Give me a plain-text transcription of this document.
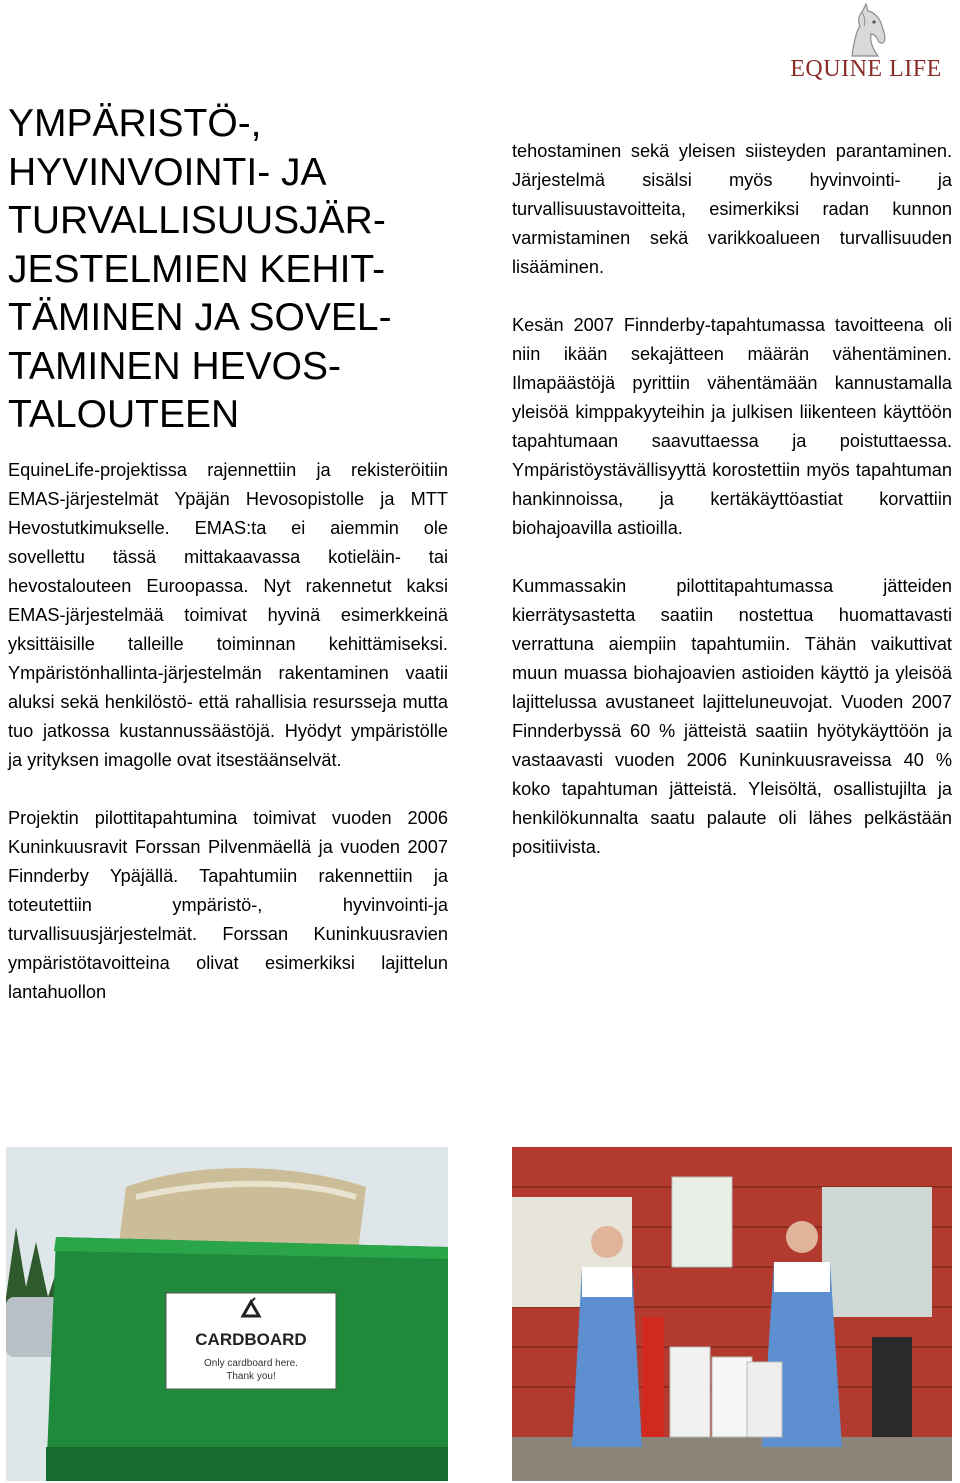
EQUINE LIFE
YMPÄRISTÖ-,
HYVINVOINTI- JA
TURVALLISUUSJÄR-
JESTELMIEN KEHIT-
TÄMINEN JA SOVEL-
TAMINEN HEVOS-
TALOUTEEN

EquineLife-projektissa rajennettiin ja rekisteröitiin EMAS-järjestelmät Ypäjän Hevosopistolle ja MTT Hevostutkimukselle. EMAS:ta ei aiemmin ole sovellettu tässä mittakaavassa kotieläin- tai hevostalouteen Euroopassa. Nyt rakennetut kaksi EMAS-järjestelmää toimivat hyvinä esimerkkeinä yksittäisille talleille toiminnan kehittämiseksi. Ympäristönhallinta-järjestelmän rakentaminen vaatii aluksi sekä henkilöstö- että rahallisia resursseja mutta tuo jatkossa kustannussäästöjä. Hyödyt ympäristölle ja yrityksen imagolle ovat itsestäänselvät.

Projektin pilottitapahtumina toimivat vuoden 2006 Kuninkuusravit Forssan Pilvenmäellä ja vuoden 2007 Finnderby Ypäjällä. Tapahtumiin rakennettiin ja toteutettiin ympäristö-, hyvinvointi-ja turvallisuusjärjestelmät. Forssan Kuninkuusravien ympäristötavoitteina olivat esimerkiksi lajittelun lantahuollon

tehostaminen sekä yleisen siisteyden parantaminen. Järjestelmä sisälsi myös hyvinvointi- ja turvallisuustavoitteita, esimerkiksi radan kunnon varmistaminen sekä varikkoalueen turvallisuuden lisääminen.

Kesän 2007 Finnderby-tapahtumassa tavoitteena oli niin ikään sekajätteen määrän vähentäminen. Ilmapäästöjä pyrittiin vähentämään kannustamalla yleisöä kimppakyyteihin ja julkisen liikenteen käyttöön tapahtumaan saavuttaessa ja poistuttaessa. Ympäristöystävällisyyttä korostettiin myös tapahtuman hankinnoissa, ja kertäkäyttöastiat korvattiin biohajoavilla astioilla.

Kummassakin pilottitapahtumassa jätteiden kierrätysastetta saatiin nostettua huomattavasti verrattuna aiempiin tapahtumiin. Tähän vaikuttivat muun muassa biohajoavien astioiden käyttö ja yleisöä lajittelussa avustaneet lajitteluneuvojat. Vuoden 2007 Finnderbyssä 60 % jätteistä saatiin hyötykäyttöön ja vastaavasti vuoden 2006 Kuninkuusraveissa 40 % koko tapahtuman jätteistä. Yleisöltä, osallistujilta ja henkilökunnalta saatu palaute oli lähes pelkästään positiivista.

CARDBOARD
Only cardboard here.
Thank you!
